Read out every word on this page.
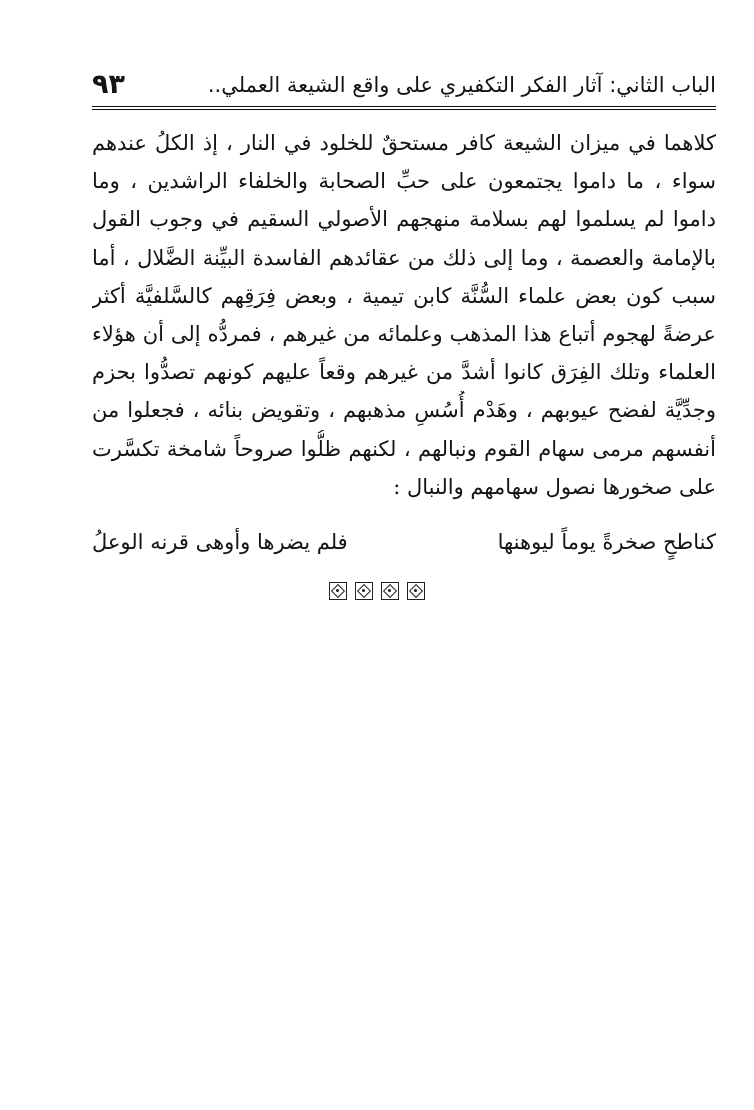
الباب الثاني: آثار الفكر التكفيري على واقع الشيعة العملي..
٩٣
كلاهما في ميزان الشيعة كافر مستحقٌ للخلود في النار ، إذ الكلُ عندهم
سواء ، ما داموا يجتمعون على حبِّ الصحابة والخلفاء الراشدين ، وما
داموا لم يسلموا لهم بسلامة منهجهم الأصولي السقيم في وجوب القول
بالإمامة والعصمة ، وما إلى ذلك من عقائدهم الفاسدة البيِّنة الضَّلال ، أما
سبب كون بعض علماء السُّنَّة كابن تيمية ، وبعض فِرَقِهم كالسَّلفيَّة أكثر
عرضةً لهجوم أتباع هذا المذهب وعلمائه من غيرهم ، فمردُّه إلى أن هؤلاء
العلماء وتلك الفِرَق كانوا أشدَّ من غيرهم وقعاً عليهم كونهم تصدُّوا بحزم
وجدِّيَّة لفضح عيوبهم ، وهَدْم أُسُسِ مذهبهم ، وتقويض بنائه ، فجعلوا من
أنفسهم مرمى سهام القوم ونبالهم ، لكنهم ظلُّوا صروحاً شامخة تكسَّرت
على صخورها نصول سهامهم والنبال :
كناطحٍ صخرةً يوماً ليوهنها
فلم يضرها وأوهى قرنه الوعلُ
